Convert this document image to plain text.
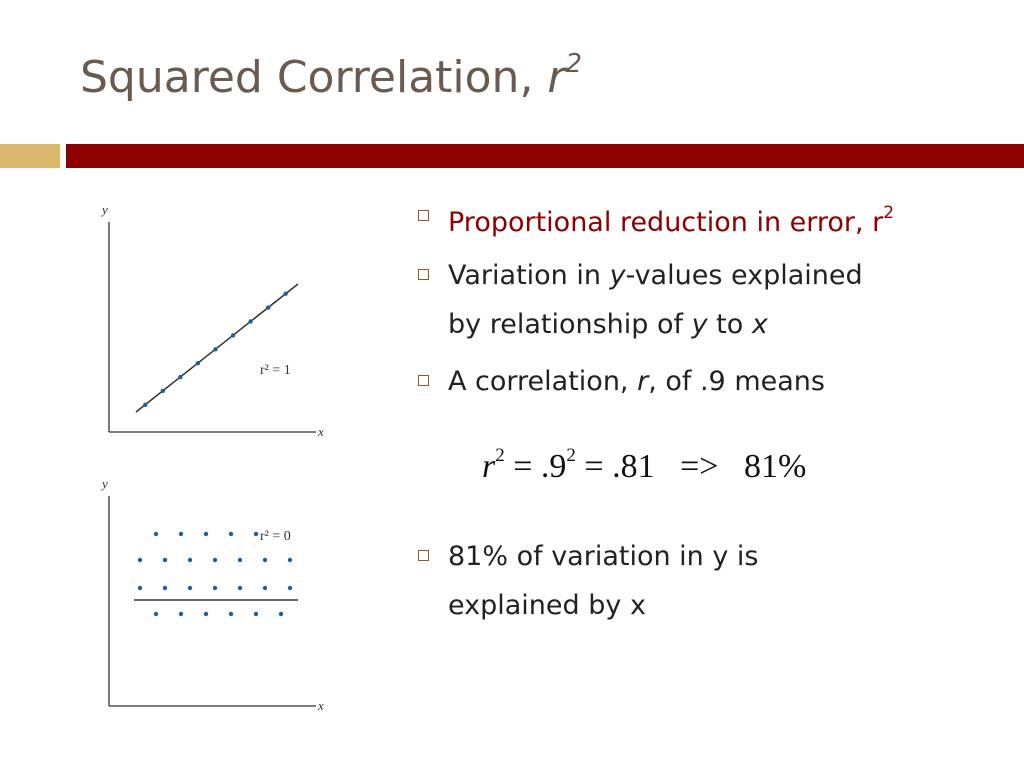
Squared Correlation, $r^2$
y
x
r² = 1
y
x
r² = 0
Proportional reduction in error, $r^2$
Variation in y-values explained
by relationship of y to x
A correlation, r, of .9 means
$r^2 = .9^2 = .81 => 81\%$
81% of variation in y is
explained by x
